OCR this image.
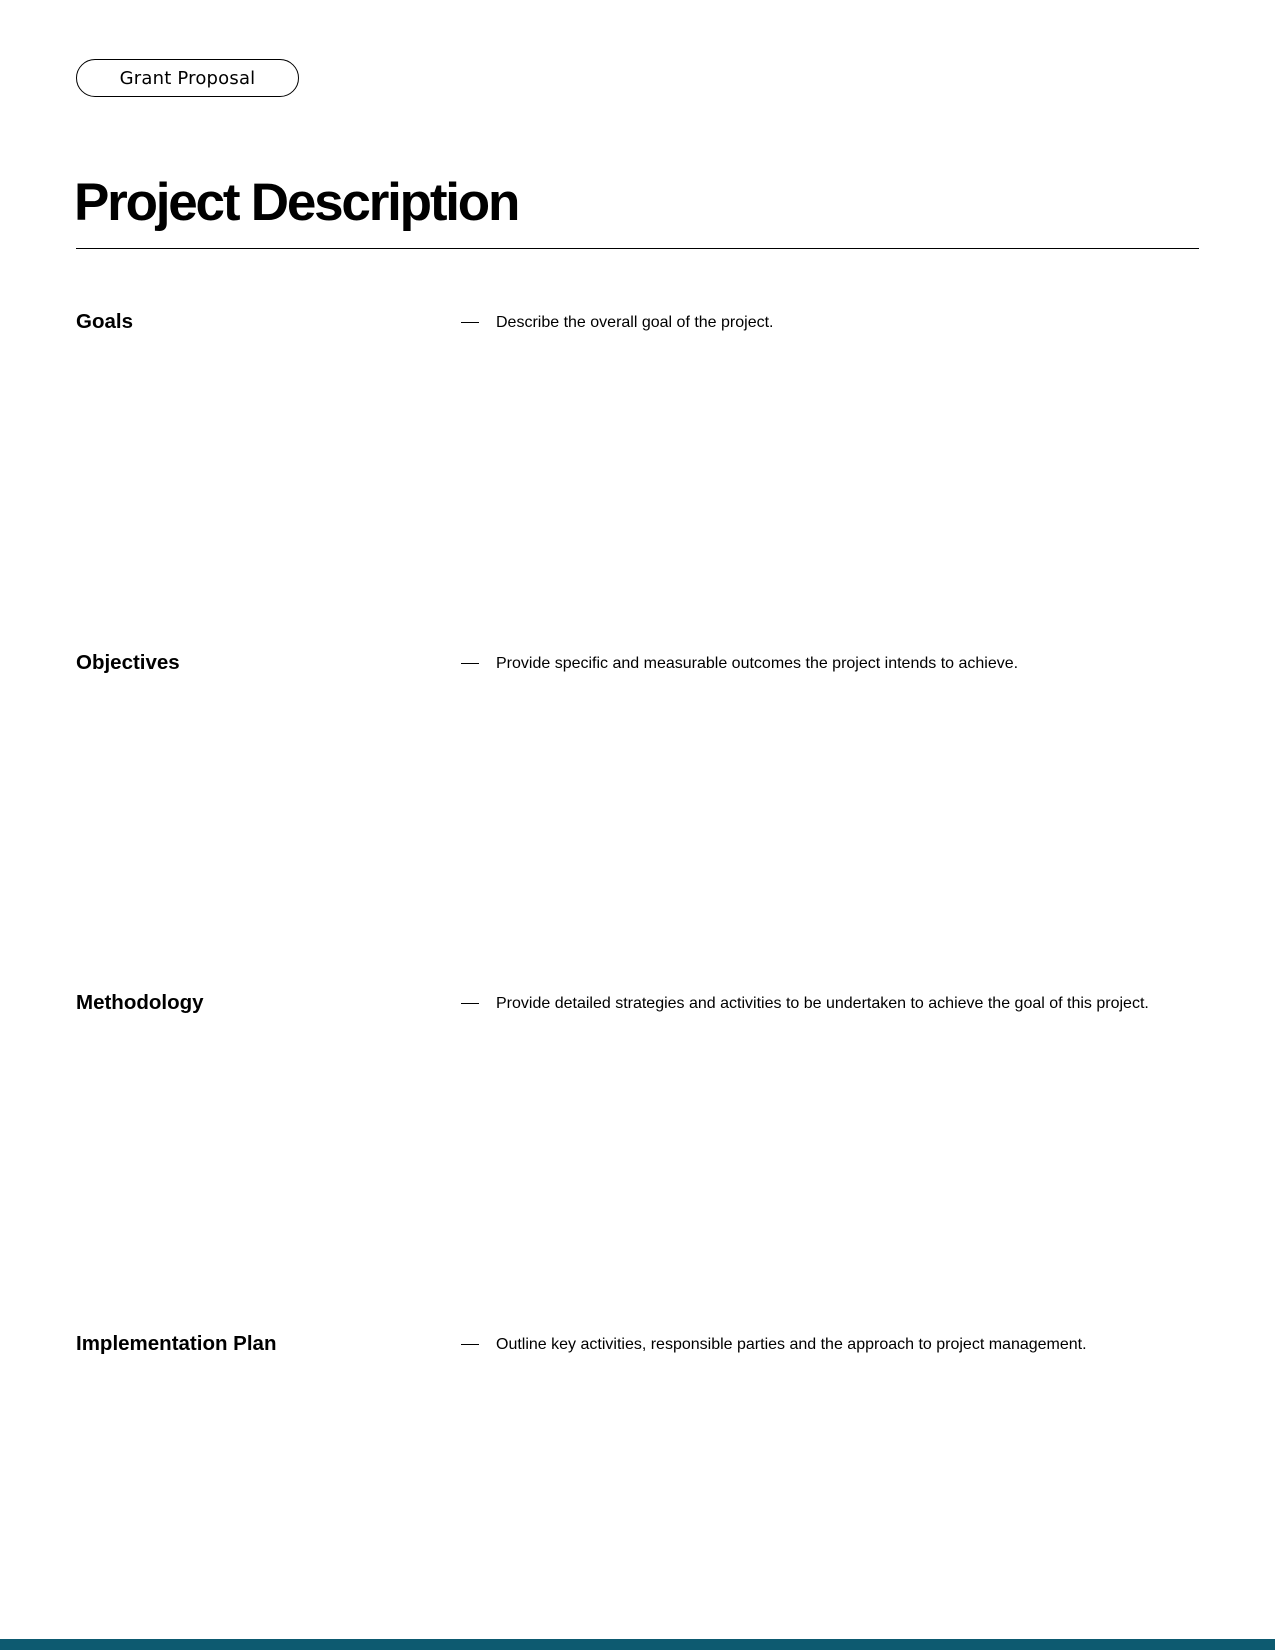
Grant Proposal
Project Description
Goals	Describe the overall goal of the project.
Objectives	Provide specific and measurable outcomes the project intends to achieve.
Methodology	Provide detailed strategies and activities to be undertaken to achieve the goal of this project.
Implementation Plan	Outline key activities, responsible parties and the approach to project management.
